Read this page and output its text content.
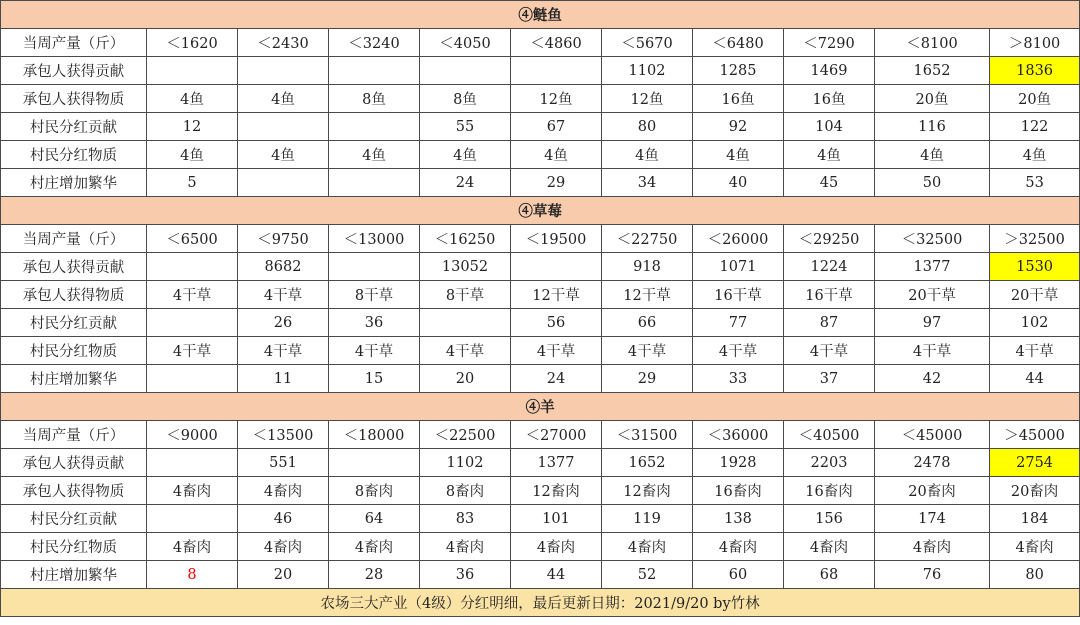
④鲢鱼										
当周产量（斤）	＜1620	＜2430	＜3240	＜4050	＜4860	＜5670	＜6480	＜7290	＜8100	＞8100
承包人获得贡献						1102	1285	1469	1652	1836
承包人获得物质	4鱼	4鱼	8鱼	8鱼	12鱼	12鱼	16鱼	16鱼	20鱼	20鱼
村民分红贡献	12			55	67	80	92	104	116	122
村民分红物质	4鱼	4鱼	4鱼	4鱼	4鱼	4鱼	4鱼	4鱼	4鱼	4鱼
村庄增加繁华	5			24	29	34	40	45	50	53
④草莓										
当周产量（斤）	＜6500	＜9750	＜13000	＜16250	＜19500	＜22750	＜26000	＜29250	＜32500	＞32500
承包人获得贡献		8682		13052		918	1071	1224	1377	1530
承包人获得物质	4干草	4干草	8干草	8干草	12干草	12干草	16干草	16干草	20干草	20干草
村民分红贡献		26	36		56	66	77	87	97	102
村民分红物质	4干草	4干草	4干草	4干草	4干草	4干草	4干草	4干草	4干草	4干草
村庄增加繁华		11	15	20	24	29	33	37	42	44
④羊										
当周产量（斤）	＜9000	＜13500	＜18000	＜22500	＜27000	＜31500	＜36000	＜40500	＜45000	＞45000
承包人获得贡献		551		1102	1377	1652	1928	2203	2478	2754
承包人获得物质	4畜肉	4畜肉	8畜肉	8畜肉	12畜肉	12畜肉	16畜肉	16畜肉	20畜肉	20畜肉
村民分红贡献		46	64	83	101	119	138	156	174	184
村民分红物质	4畜肉	4畜肉	4畜肉	4畜肉	4畜肉	4畜肉	4畜肉	4畜肉	4畜肉	4畜肉
村庄增加繁华	8	20	28	36	44	52	60	68	76	80
农场三大产业（4级）分红明细，最后更新日期：2021/9/20 by竹林										
